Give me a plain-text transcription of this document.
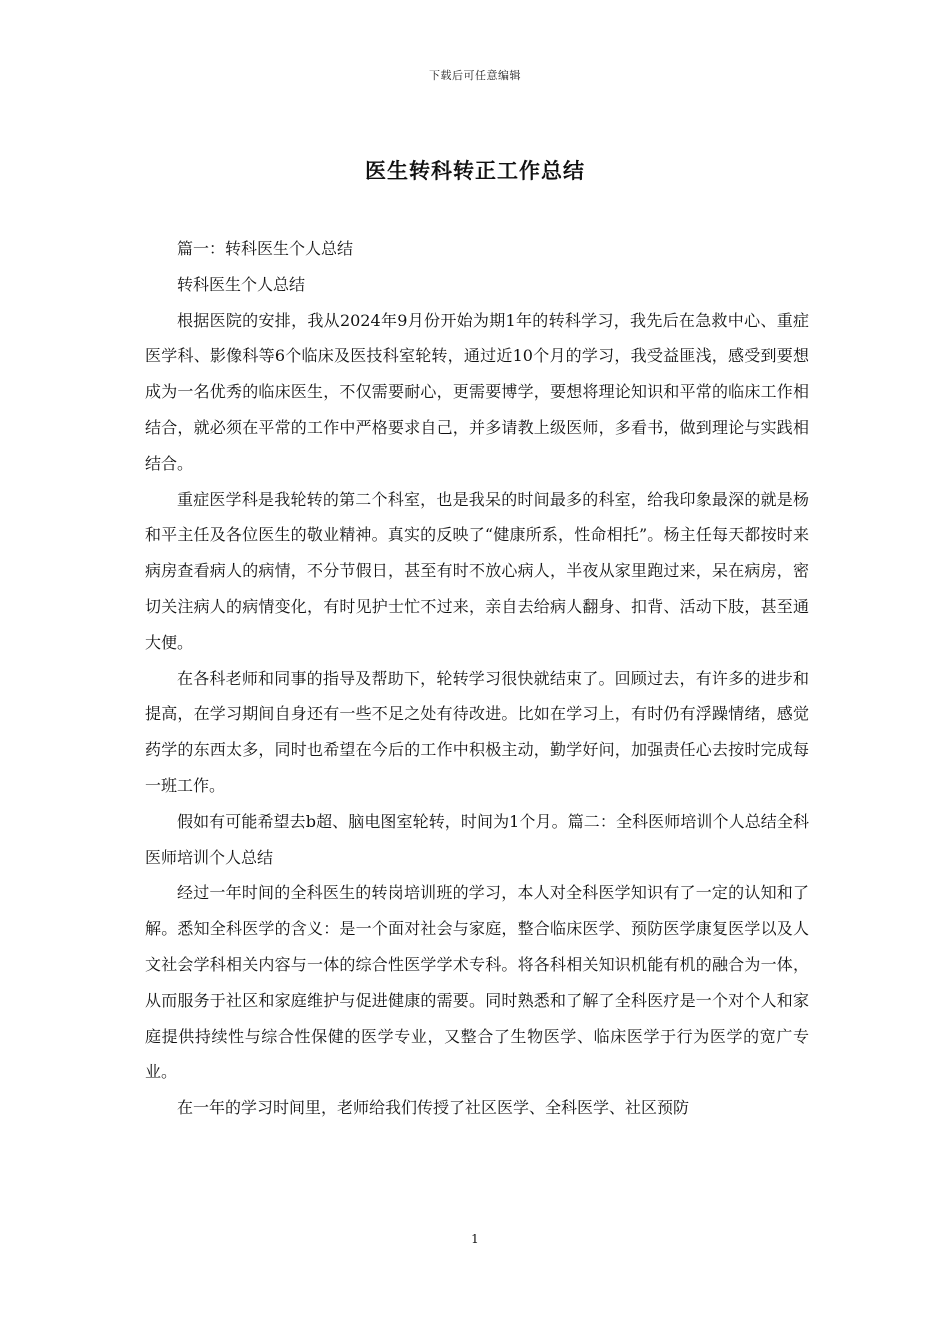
下载后可任意编辑
医生转科转正工作总结

篇一：转科医生个人总结

转科医生个人总结

根据医院的安排，我从2024年9月份开始为期1年的转科学习，我先后在急救中心、重症医学科、影像科等6个临床及医技科室轮转，通过近10个月的学习，我受益匪浅，感受到要想成为一名优秀的临床医生，不仅需要耐心，更需要博学，要想将理论知识和平常的临床工作相结合，就必须在平常的工作中严格要求自己，并多请教上级医师，多看书，做到理论与实践相结合。

重症医学科是我轮转的第二个科室，也是我呆的时间最多的科室，给我印象最深的就是杨和平主任及各位医生的敬业精神。真实的反映了“健康所系，性命相托”。杨主任每天都按时来病房查看病人的病情，不分节假日，甚至有时不放心病人，半夜从家里跑过来，呆在病房，密切关注病人的病情变化，有时见护士忙不过来，亲自去给病人翻身、扣背、活动下肢，甚至通大便。

在各科老师和同事的指导及帮助下，轮转学习很快就结束了。回顾过去，有许多的进步和提高，在学习期间自身还有一些不足之处有待改进。比如在学习上，有时仍有浮躁情绪，感觉药学的东西太多，同时也希望在今后的工作中积极主动，勤学好问，加强责任心去按时完成每一班工作。

假如有可能希望去b超、脑电图室轮转，时间为1个月。篇二：全科医师培训个人总结全科医师培训个人总结

经过一年时间的全科医生的转岗培训班的学习，本人对全科医学知识有了一定的认知和了解。悉知全科医学的含义：是一个面对社会与家庭，整合临床医学、预防医学康复医学以及人文社会学科相关内容与一体的综合性医学学术专科。将各科相关知识机能有机的融合为一体，从而服务于社区和家庭维护与促进健康的需要。同时熟悉和了解了全科医疗是一个对个人和家庭提供持续性与综合性保健的医学专业，又整合了生物医学、临床医学于行为医学的宽广专业。

在一年的学习时间里，老师给我们传授了社区医学、全科医学、社区预防

1
